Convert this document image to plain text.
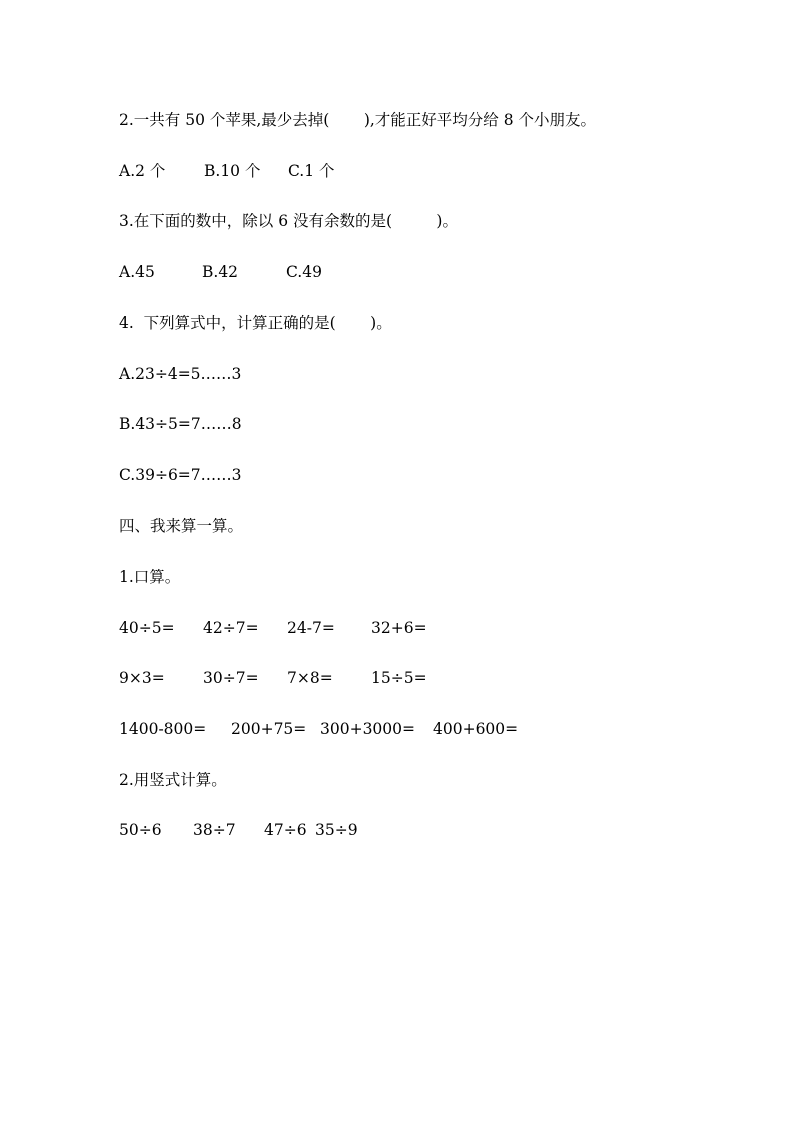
2.一共有 50 个苹果,最少去掉(       ),才能正好平均分给 8 个小朋友。

A.2 个

B.10 个

C.1 个

3.在下面的数中，除以 6 没有余数的是(         )。

A.45

	B.42

	C.49

4.  下列算式中，计算正确的是(       )。
A.23÷4=5……3
B.43÷5=7……8
C.39÷6=7……3
四、我来算一算。
1.口算。

40÷5=

42÷7=

24-7=

32+6=

9×3=

30÷7=

7×8=

15÷5=

1400-800=

200+75=

300+3000=

400+600=

2.用竖式计算。

50÷6

38÷7

47÷6

35÷9
